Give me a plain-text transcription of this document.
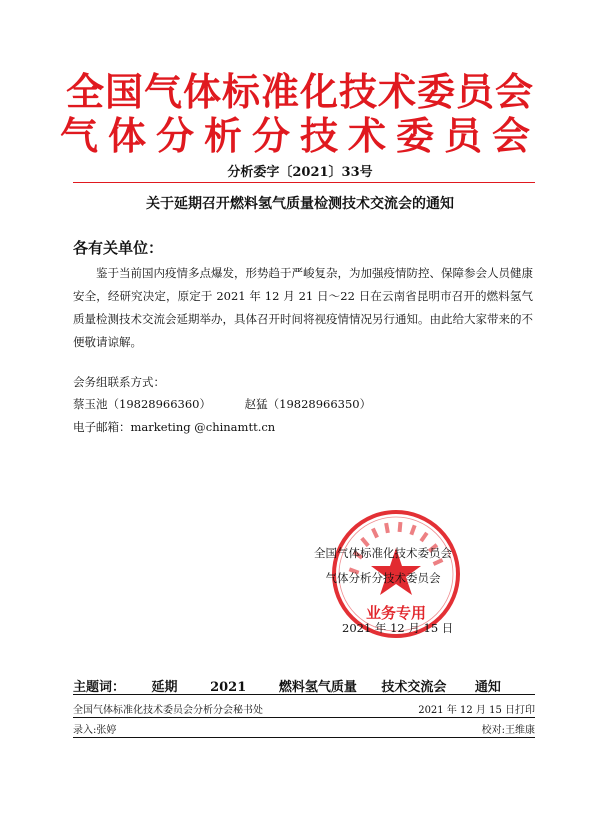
全国气体标准化技术委员会
气体分析分技术委员会
分析委字〔2021〕33号
关于延期召开燃料氢气质量检测技术交流会的通知
各有关单位：
鉴于当前国内疫情多点爆发，形势趋于严峻复杂，为加强疫情防控、保障参会人员健康安全，经研究决定，原定于 2021 年 12 月 21 日～22 日在云南省昆明市召开的燃料氢气质量检测技术交流会延期举办，具体召开时间将视疫情情况另行通知。由此给大家带来的不便敬请谅解。
会务组联系方式：
蔡玉池（19828966360）	赵猛（19828966350）
电子邮箱：marketing @chinamtt.cn
业务专用
全国气体标准化技术委员会
气体分析分技术委员会
2021 年 12 月 15 日
主题词： 延期	2021	燃料氢气质量 技术交流会 通知
全国气体标准化技术委员会分析分会秘书处	2021 年 12 月 15 日打印
录入:张婷	校对:王维康
